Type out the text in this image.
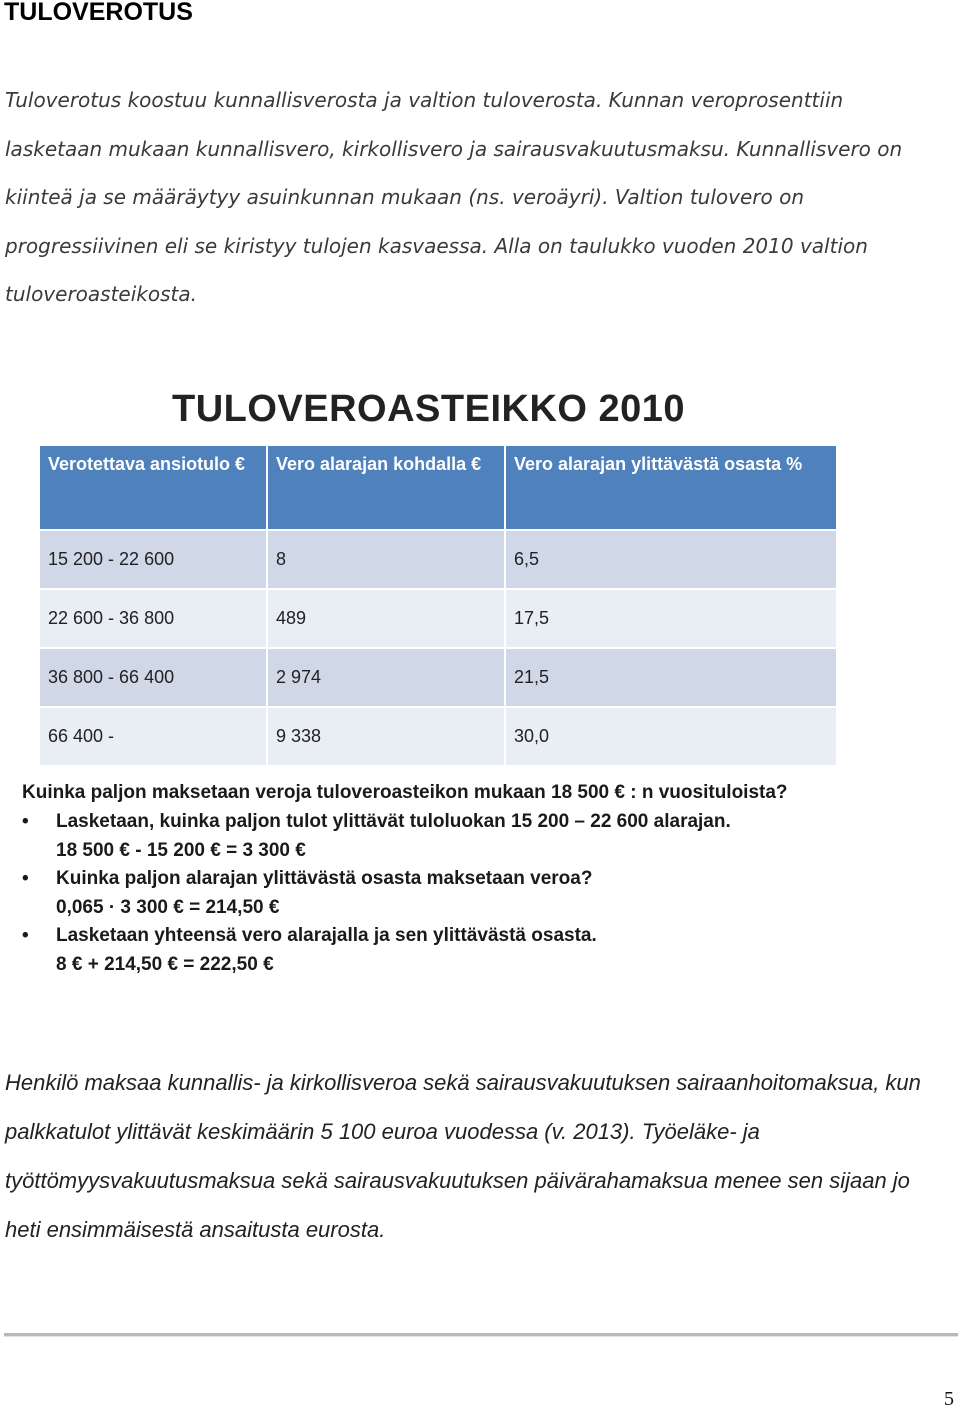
TULOVEROTUS

Tuloverotus koostuu kunnallisverosta ja valtion tuloverosta. Kunnan veroprosenttiin lasketaan mukaan kunnallisvero, kirkollisvero ja sairausvakuutusmaksu. Kunnallisvero on kiinteä ja se määräytyy asuinkunnan mukaan (ns. veroäyri). Valtion tulovero on progressiivinen eli se kiristyy tulojen kasvaessa. Alla on taulukko vuoden 2010 valtion tuloveroasteikosta.

TULOVEROASTEIKKO 2010
Verotettava ansiotulo €	Vero alarajan kohdalla €	Vero alarajan ylittävästä osasta %
15 200 - 22 600	8	6,5
22 600 - 36 800	489	17,5
36 800 - 66 400	2 974	21,5
66 400 -	9 338	30,0

Kuinka paljon maksetaan veroja tuloveroasteikon mukaan 18 500 € : n vuosituloista?

• Lasketaan, kuinka paljon tulot ylittävät tuloluokan 15 200 – 22 600 alarajan.
18 500 € - 15 200 € = 3 300 €
• Kuinka paljon alarajan ylittävästä osasta maksetaan veroa?
0,065 · 3 300 € = 214,50 €
• Lasketaan yhteensä vero alarajalla ja sen ylittävästä osasta.
8 € + 214,50 € = 222,50 €

Henkilö maksaa kunnallis- ja kirkollisveroa sekä sairausvakuutuksen sairaanhoitomaksua, kun palkkatulot ylittävät keskimäärin 5 100 euroa vuodessa (v. 2013). Työeläke- ja työttömyysvakuutusmaksua sekä sairausvakuutuksen päivärahamaksua menee sen sijaan jo heti ensimmäisestä ansaitusta eurosta.

5
